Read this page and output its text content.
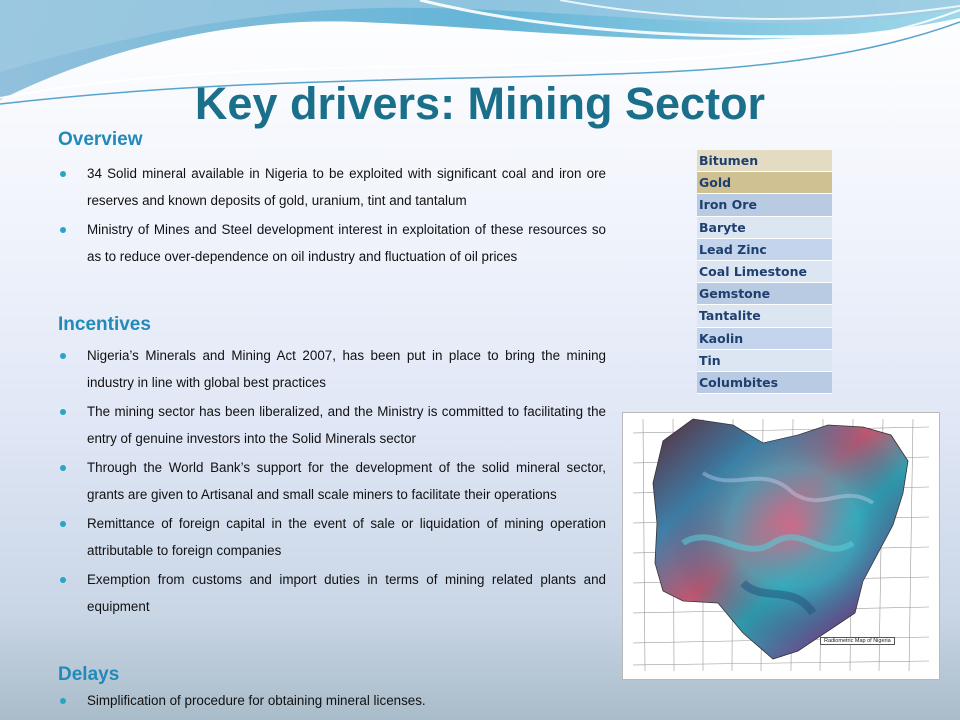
Key drivers: Mining Sector
Overview
34 Solid mineral available in Nigeria to be exploited with significant coal and iron ore reserves and known deposits of gold, uranium, tint and tantalum
Ministry of Mines and Steel development interest in exploitation of these resources so as to reduce over-dependence on oil industry and fluctuation of oil prices
Incentives
Nigeria’s Minerals and Mining Act 2007, has been put in place to bring the mining industry in line with global best practices
The mining sector has been liberalized, and the Ministry is committed to facilitating the entry of genuine investors into the Solid Minerals sector
Through the World Bank’s support for the development of the solid mineral sector, grants are given to Artisanal and small scale miners to facilitate their operations
Remittance of foreign capital in the event of sale or liquidation of mining operation attributable to foreign companies
Exemption from customs and import duties in terms of mining related plants and equipment
Delays
Simplification of procedure for obtaining mineral licenses.
Bitumen
Gold
Iron Ore
Baryte
Lead Zinc
Coal Limestone
Gemstone
Tantalite
Kaolin
Tin
Columbites
Radiometric Map of Nigeria
